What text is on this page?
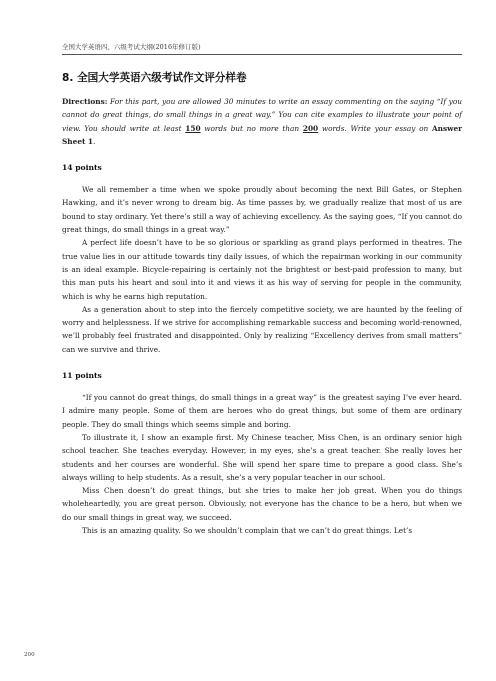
全国大学英语四、六级考试大纲(2016年修订版)
8. 全国大学英语六级考试作文评分样卷
Directions: For this part, you are allowed 30 minutes to write an essay commenting on the saying “If you cannot do great things, do small things in a great way.” You can cite examples to illustrate your point of view. You should write at least 150 words but no more than 200 words. Write your essay on Answer Sheet 1.
14 points

We all remember a time when we spoke proudly about becoming the next Bill Gates, or Stephen Hawking, and it’s never wrong to dream big. As time passes by, we gradually realize that most of us are bound to stay ordinary. Yet there’s still a way of achieving excellency. As the saying goes, “If you cannot do great things, do small things in a great way.”

A perfect life doesn’t have to be so glorious or sparkling as grand plays performed in theatres. The true value lies in our attitude towards tiny daily issues, of which the repairman working in our community is an ideal example. Bicycle-repairing is certainly not the brightest or best-paid profession to many, but this man puts his heart and soul into it and views it as his way of serving for people in the community, which is why he earns high reputation.

As a generation about to step into the fiercely competitive society, we are haunted by the feeling of worry and helplessness. If we strive for accomplishing remarkable success and becoming world-renowned, we’ll probably feel frustrated and disappointed. Only by realizing “Excellency derives from small matters” can we survive and thrive.

11 points

“If you cannot do great things, do small things in a great way” is the greatest saying I’ve ever heard. I admire many people. Some of them are heroes who do great things, but some of them are ordinary people. They do small things which seems simple and boring.

To illustrate it, I show an example first. My Chinese teacher, Miss Chen, is an ordinary senior high school teacher. She teaches everyday. However, in my eyes, she’s a great teacher. She really loves her students and her courses are wonderful. She will spend her spare time to prepare a good class. She’s always willing to help students. As a result, she’s a very popular teacher in our school.

Miss Chen doesn’t do great things, but she tries to make her job great. When you do things wholeheartedly, you are great person. Obviously, not everyone has the chance to be a hero, but when we do our small things in great way, we succeed.

This is an amazing quality. So we shouldn’t complain that we can’t do great things. Let’s

200
